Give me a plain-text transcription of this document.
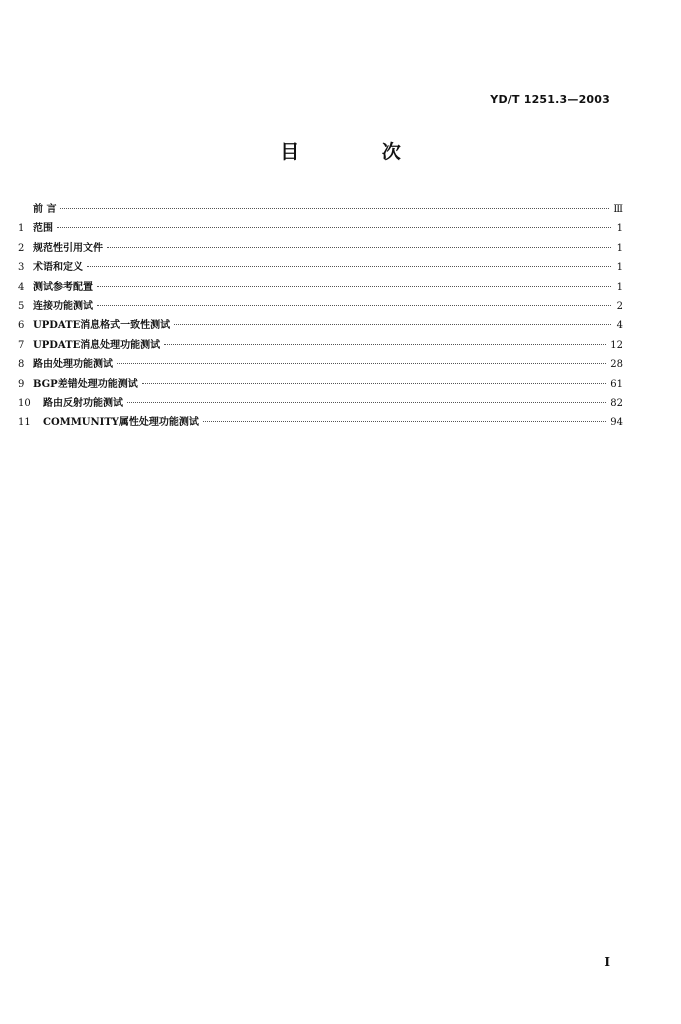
YD/T 1251.3—2003
目 次
前 言	Ⅲ
1 范围	1
2 规范性引用文件	1
3 术语和定义	1
4 测试参考配置	1
5 连接功能测试	2
6 UPDATE消息格式一致性测试	4
7 UPDATE消息处理功能测试	12
8 路由处理功能测试	28
9 BGP差错处理功能测试	61
10	路由反射功能测试	82
11	COMMUNITY属性处理功能测试	94
I
